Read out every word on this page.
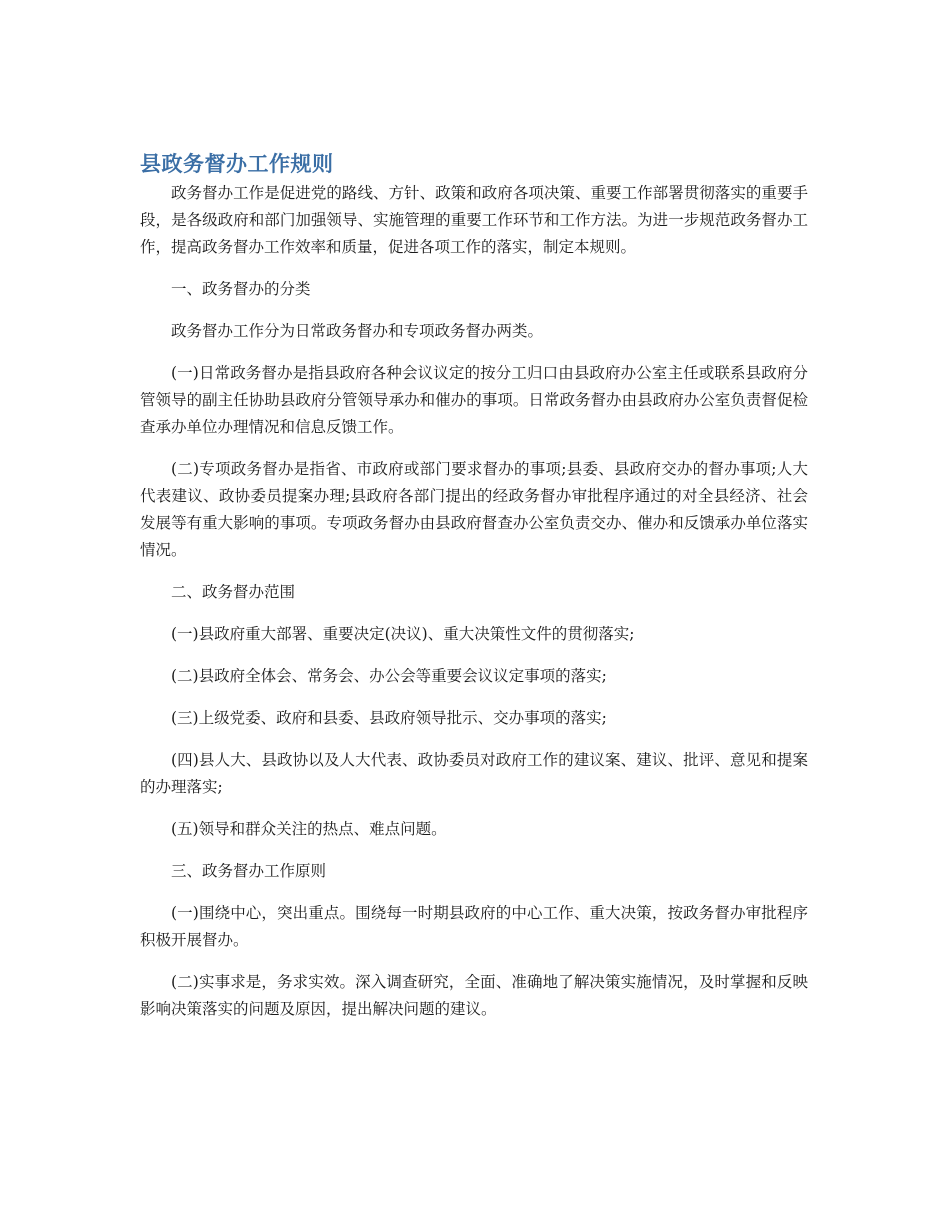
县政务督办工作规则

政务督办工作是促进党的路线、方针、政策和政府各项决策、重要工作部署贯彻落实的重要手段，是各级政府和部门加强领导、实施管理的重要工作环节和工作方法。为进一步规范政务督办工作，提高政务督办工作效率和质量，促进各项工作的落实，制定本规则。

一、政务督办的分类

政务督办工作分为日常政务督办和专项政务督办两类。

(一)日常政务督办是指县政府各种会议议定的按分工归口由县政府办公室主任或联系县政府分管领导的副主任协助县政府分管领导承办和催办的事项。日常政务督办由县政府办公室负责督促检查承办单位办理情况和信息反馈工作。

(二)专项政务督办是指省、市政府或部门要求督办的事项;县委、县政府交办的督办事项;人大代表建议、政协委员提案办理;县政府各部门提出的经政务督办审批程序通过的对全县经济、社会发展等有重大影响的事项。专项政务督办由县政府督查办公室负责交办、催办和反馈承办单位落实情况。

二、政务督办范围

(一)县政府重大部署、重要决定(决议)、重大决策性文件的贯彻落实;

(二)县政府全体会、常务会、办公会等重要会议议定事项的落实;

(三)上级党委、政府和县委、县政府领导批示、交办事项的落实;

(四)县人大、县政协以及人大代表、政协委员对政府工作的建议案、建议、批评、意见和提案的办理落实;

(五)领导和群众关注的热点、难点问题。

三、政务督办工作原则

(一)围绕中心，突出重点。围绕每一时期县政府的中心工作、重大决策，按政务督办审批程序积极开展督办。

(二)实事求是，务求实效。深入调查研究，全面、准确地了解决策实施情况，及时掌握和反映影响决策落实的问题及原因，提出解决问题的建议。
